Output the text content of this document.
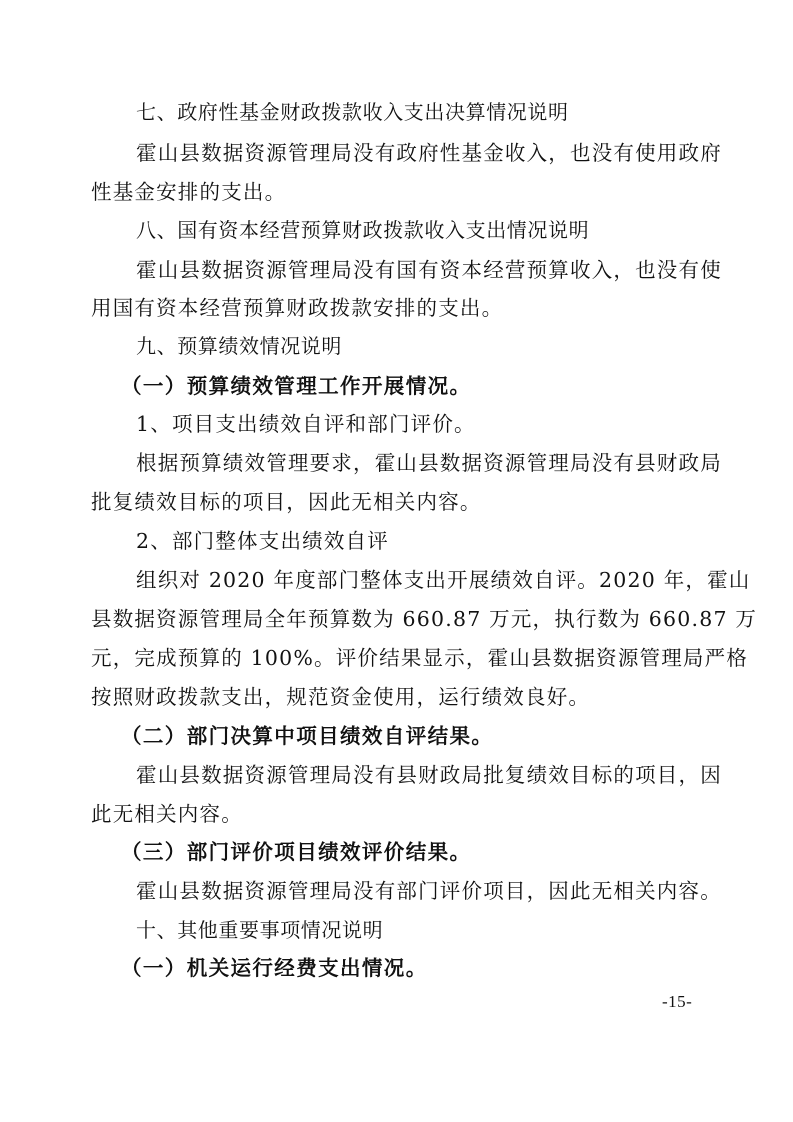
七、政府性基金财政拨款收入支出决算情况说明
霍山县数据资源管理局没有政府性基金收入，也没有使用政府
性基金安排的支出。
八、国有资本经营预算财政拨款收入支出情况说明
霍山县数据资源管理局没有国有资本经营预算收入，也没有使
用国有资本经营预算财政拨款安排的支出。
九、预算绩效情况说明
（一）预算绩效管理工作开展情况。
1、项目支出绩效自评和部门评价。
根据预算绩效管理要求，霍山县数据资源管理局没有县财政局
批复绩效目标的项目，因此无相关内容。
2、部门整体支出绩效自评
组织对 2020 年度部门整体支出开展绩效自评。2020 年，霍山
县数据资源管理局全年预算数为 660.87 万元，执行数为 660.87 万
元，完成预算的 100%。评价结果显示，霍山县数据资源管理局严格
按照财政拨款支出，规范资金使用，运行绩效良好。
（二）部门决算中项目绩效自评结果。
霍山县数据资源管理局没有县财政局批复绩效目标的项目，因
此无相关内容。
（三）部门评价项目绩效评价结果。
霍山县数据资源管理局没有部门评价项目，因此无相关内容。
十、其他重要事项情况说明
（一）机关运行经费支出情况。
-15-
